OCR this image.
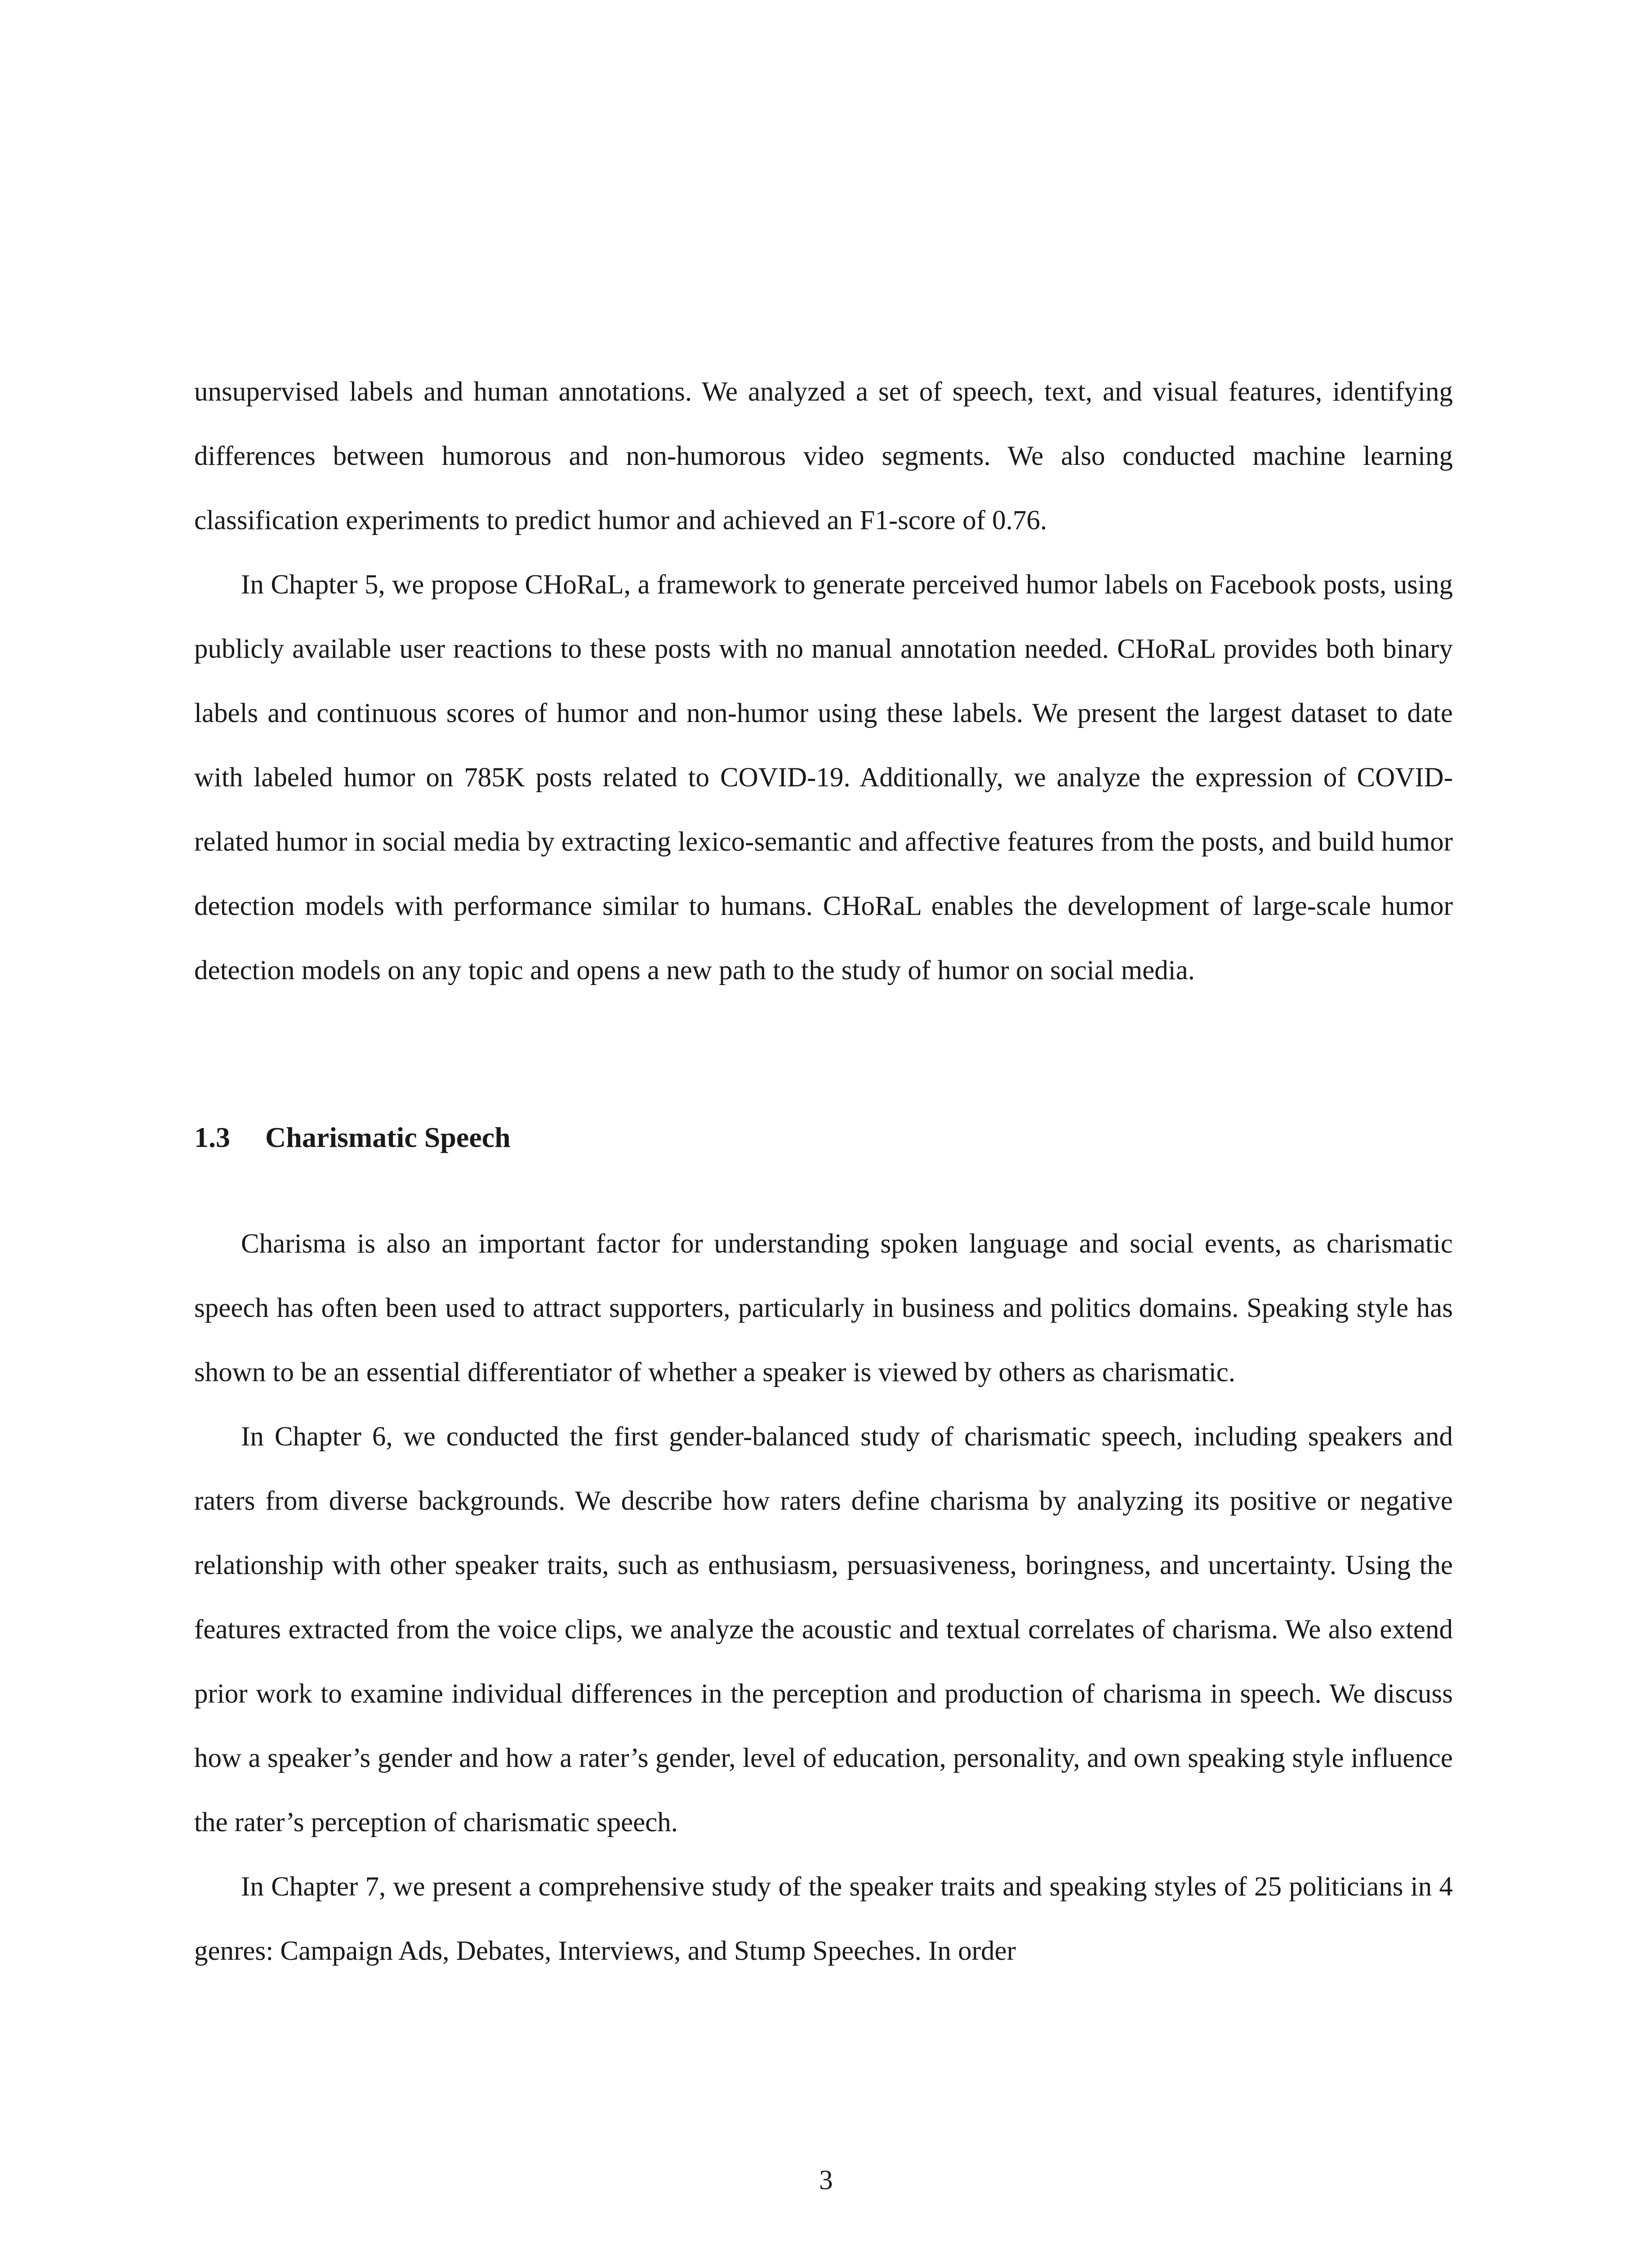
unsupervised labels and human annotations. We analyzed a set of speech, text, and visual features, identifying differences between humorous and non-humorous video segments. We also conducted machine learning classification experiments to predict humor and achieved an F1-score of 0.76.

In Chapter 5, we propose CHoRaL, a framework to generate perceived humor labels on Facebook posts, using publicly available user reactions to these posts with no manual annotation needed. CHoRaL provides both binary labels and continuous scores of humor and non-humor using these labels. We present the largest dataset to date with labeled humor on 785K posts related to COVID-19. Additionally, we analyze the expression of COVID-related humor in social media by extracting lexico-semantic and affective features from the posts, and build humor detection models with performance similar to humans. CHoRaL enables the development of large-scale humor detection models on any topic and opens a new path to the study of humor on social media.

1.3 Charismatic Speech

Charisma is also an important factor for understanding spoken language and social events, as charismatic speech has often been used to attract supporters, particularly in business and politics domains. Speaking style has shown to be an essential differentiator of whether a speaker is viewed by others as charismatic.

In Chapter 6, we conducted the first gender-balanced study of charismatic speech, including speakers and raters from diverse backgrounds. We describe how raters define charisma by analyzing its positive or negative relationship with other speaker traits, such as enthusiasm, persuasiveness, boringness, and uncertainty. Using the features extracted from the voice clips, we analyze the acoustic and textual correlates of charisma. We also extend prior work to examine individual differences in the perception and production of charisma in speech. We discuss how a speaker’s gender and how a rater’s gender, level of education, personality, and own speaking style influence the rater’s perception of charismatic speech.

In Chapter 7, we present a comprehensive study of the speaker traits and speaking styles of 25 politicians in 4 genres: Campaign Ads, Debates, Interviews, and Stump Speeches. In order

3
